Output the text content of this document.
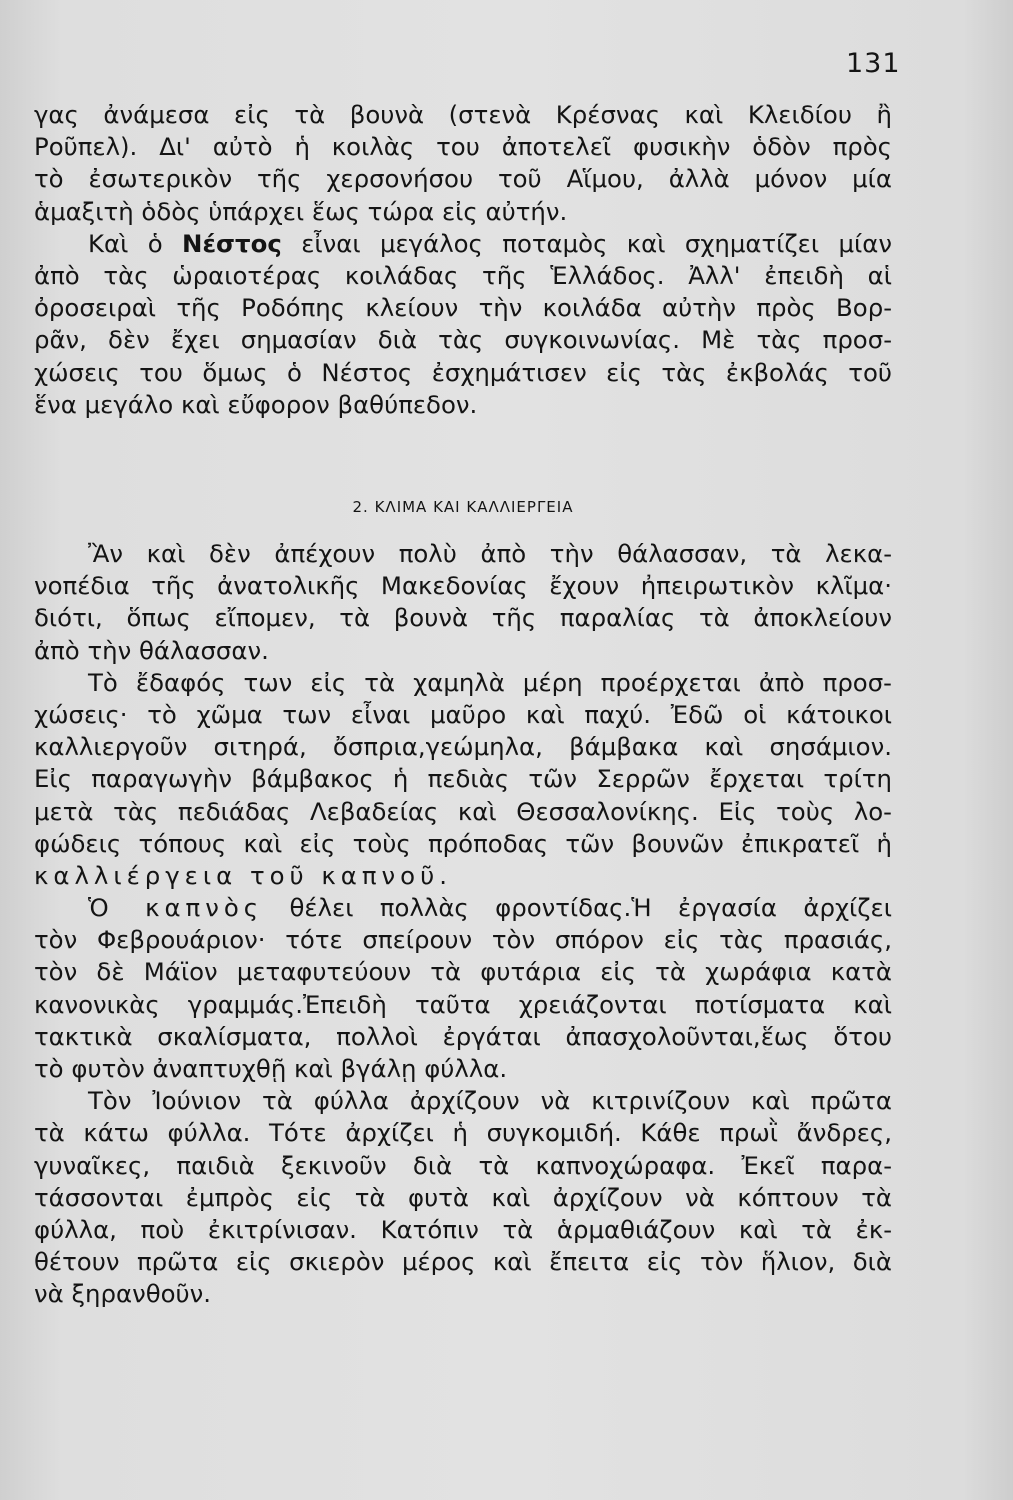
131
γας ἀνάμεσα εἰς τὰ βουνὰ (στενὰ Κρέσνας καὶ Κλειδίου ἢ
Ροῦπελ). Δι' αὐτὸ ἡ κοιλὰς του ἀποτελεῖ φυσικὴν ὁδὸν πρὸς
τὸ ἐσωτερικὸν τῆς χερσονήσου τοῦ Αἵμου, ἀλλὰ μόνον μία
ἁμαξιτὴ ὁδὸς ὑπάρχει ἕως τώρα εἰς αὐτήν.
Καὶ ὁ Νέστος εἶναι μεγάλος ποταμὸς καὶ σχηματίζει μίαν
ἀπὸ τὰς ὡραιοτέρας κοιλάδας τῆς Ἑλλάδος. Ἀλλ' ἐπειδὴ αἱ
ὀροσειραὶ τῆς Ροδόπης κλείουν τὴν κοιλάδα αὐτὴν πρὸς Βορ-
ρᾶν, δὲν ἔχει σημασίαν διὰ τὰς συγκοινωνίας. Μὲ τὰς προσ-
χώσεις του ὅμως ὁ Νέστος ἐσχημάτισεν εἰς τὰς ἐκβολάς τοῦ
ἕνα μεγάλο καὶ εὔφορον βαθύπεδον.
2. ΚΛΙΜΑ ΚΑΙ ΚΑΛΛΙΕΡΓΕΙΑ
Ἂν καὶ δὲν ἀπέχουν πολὺ ἀπὸ τὴν θάλασσαν, τὰ λεκα-
νοπέδια τῆς ἀνατολικῆς Μακεδονίας ἔχουν ἠπειρωτικὸν κλῖμα·
διότι, ὅπως εἴπομεν, τὰ βουνὰ τῆς παραλίας τὰ ἀποκλείουν
ἀπὸ τὴν θάλασσαν.
Τὸ ἔδαφός των εἰς τὰ χαμηλὰ μέρη προέρχεται ἀπὸ προσ-
χώσεις· τὸ χῶμα των εἶναι μαῦρο καὶ παχύ. Ἐδῶ οἱ κάτοικοι
καλλιεργοῦν σιτηρά, ὄσπρια,γεώμηλα, βάμβακα καὶ σησάμιον.
Εἰς παραγωγὴν βάμβακος ἡ πεδιὰς τῶν Σερρῶν ἔρχεται τρίτη
μετὰ τὰς πεδιάδας Λεβαδείας καὶ Θεσσαλονίκης. Εἰς τοὺς λο-
φώδεις τόπους καὶ εἰς τοὺς πρόποδας τῶν βουνῶν ἐπικρατεῖ ἡ
καλλιέργεια τοῦ καπνοῦ.
Ὁ καπνὸς θέλει πολλὰς φροντίδας.Ἡ ἐργασία ἀρχίζει
τὸν Φεβρουάριον· τότε σπείρουν τὸν σπόρον εἰς τὰς πρασιάς,
τὸν δὲ Μάϊον μεταφυτεύουν τὰ φυτάρια εἰς τὰ χωράφια κατὰ
κανονικὰς γραμμάς.Ἐπειδὴ ταῦτα χρειάζονται ποτίσματα καὶ
τακτικὰ σκαλίσματα, πολλοὶ ἐργάται ἀπασχολοῦνται,ἕως ὅτου
τὸ φυτὸν ἀναπτυχθῇ καὶ βγάλῃ φύλλα.
Τὸν Ἰούνιον τὰ φύλλα ἀρχίζουν νὰ κιτρινίζουν καὶ πρῶτα
τὰ κάτω φύλλα. Τότε ἀρχίζει ἡ συγκομιδή. Κάθε πρωῒ ἄνδρες,
γυναῖκες, παιδιὰ ξεκινοῦν διὰ τὰ καπνοχώραφα. Ἐκεῖ παρα-
τάσσονται ἐμπρὸς εἰς τὰ φυτὰ καὶ ἀρχίζουν νὰ κόπτουν τὰ
φύλλα, ποὺ ἐκιτρίνισαν. Κατόπιν τὰ ἁρμαθιάζουν καὶ τὰ ἐκ-
θέτουν πρῶτα εἰς σκιερὸν μέρος καὶ ἔπειτα εἰς τὸν ἥλιον, διὰ
νὰ ξηρανθοῦν.
